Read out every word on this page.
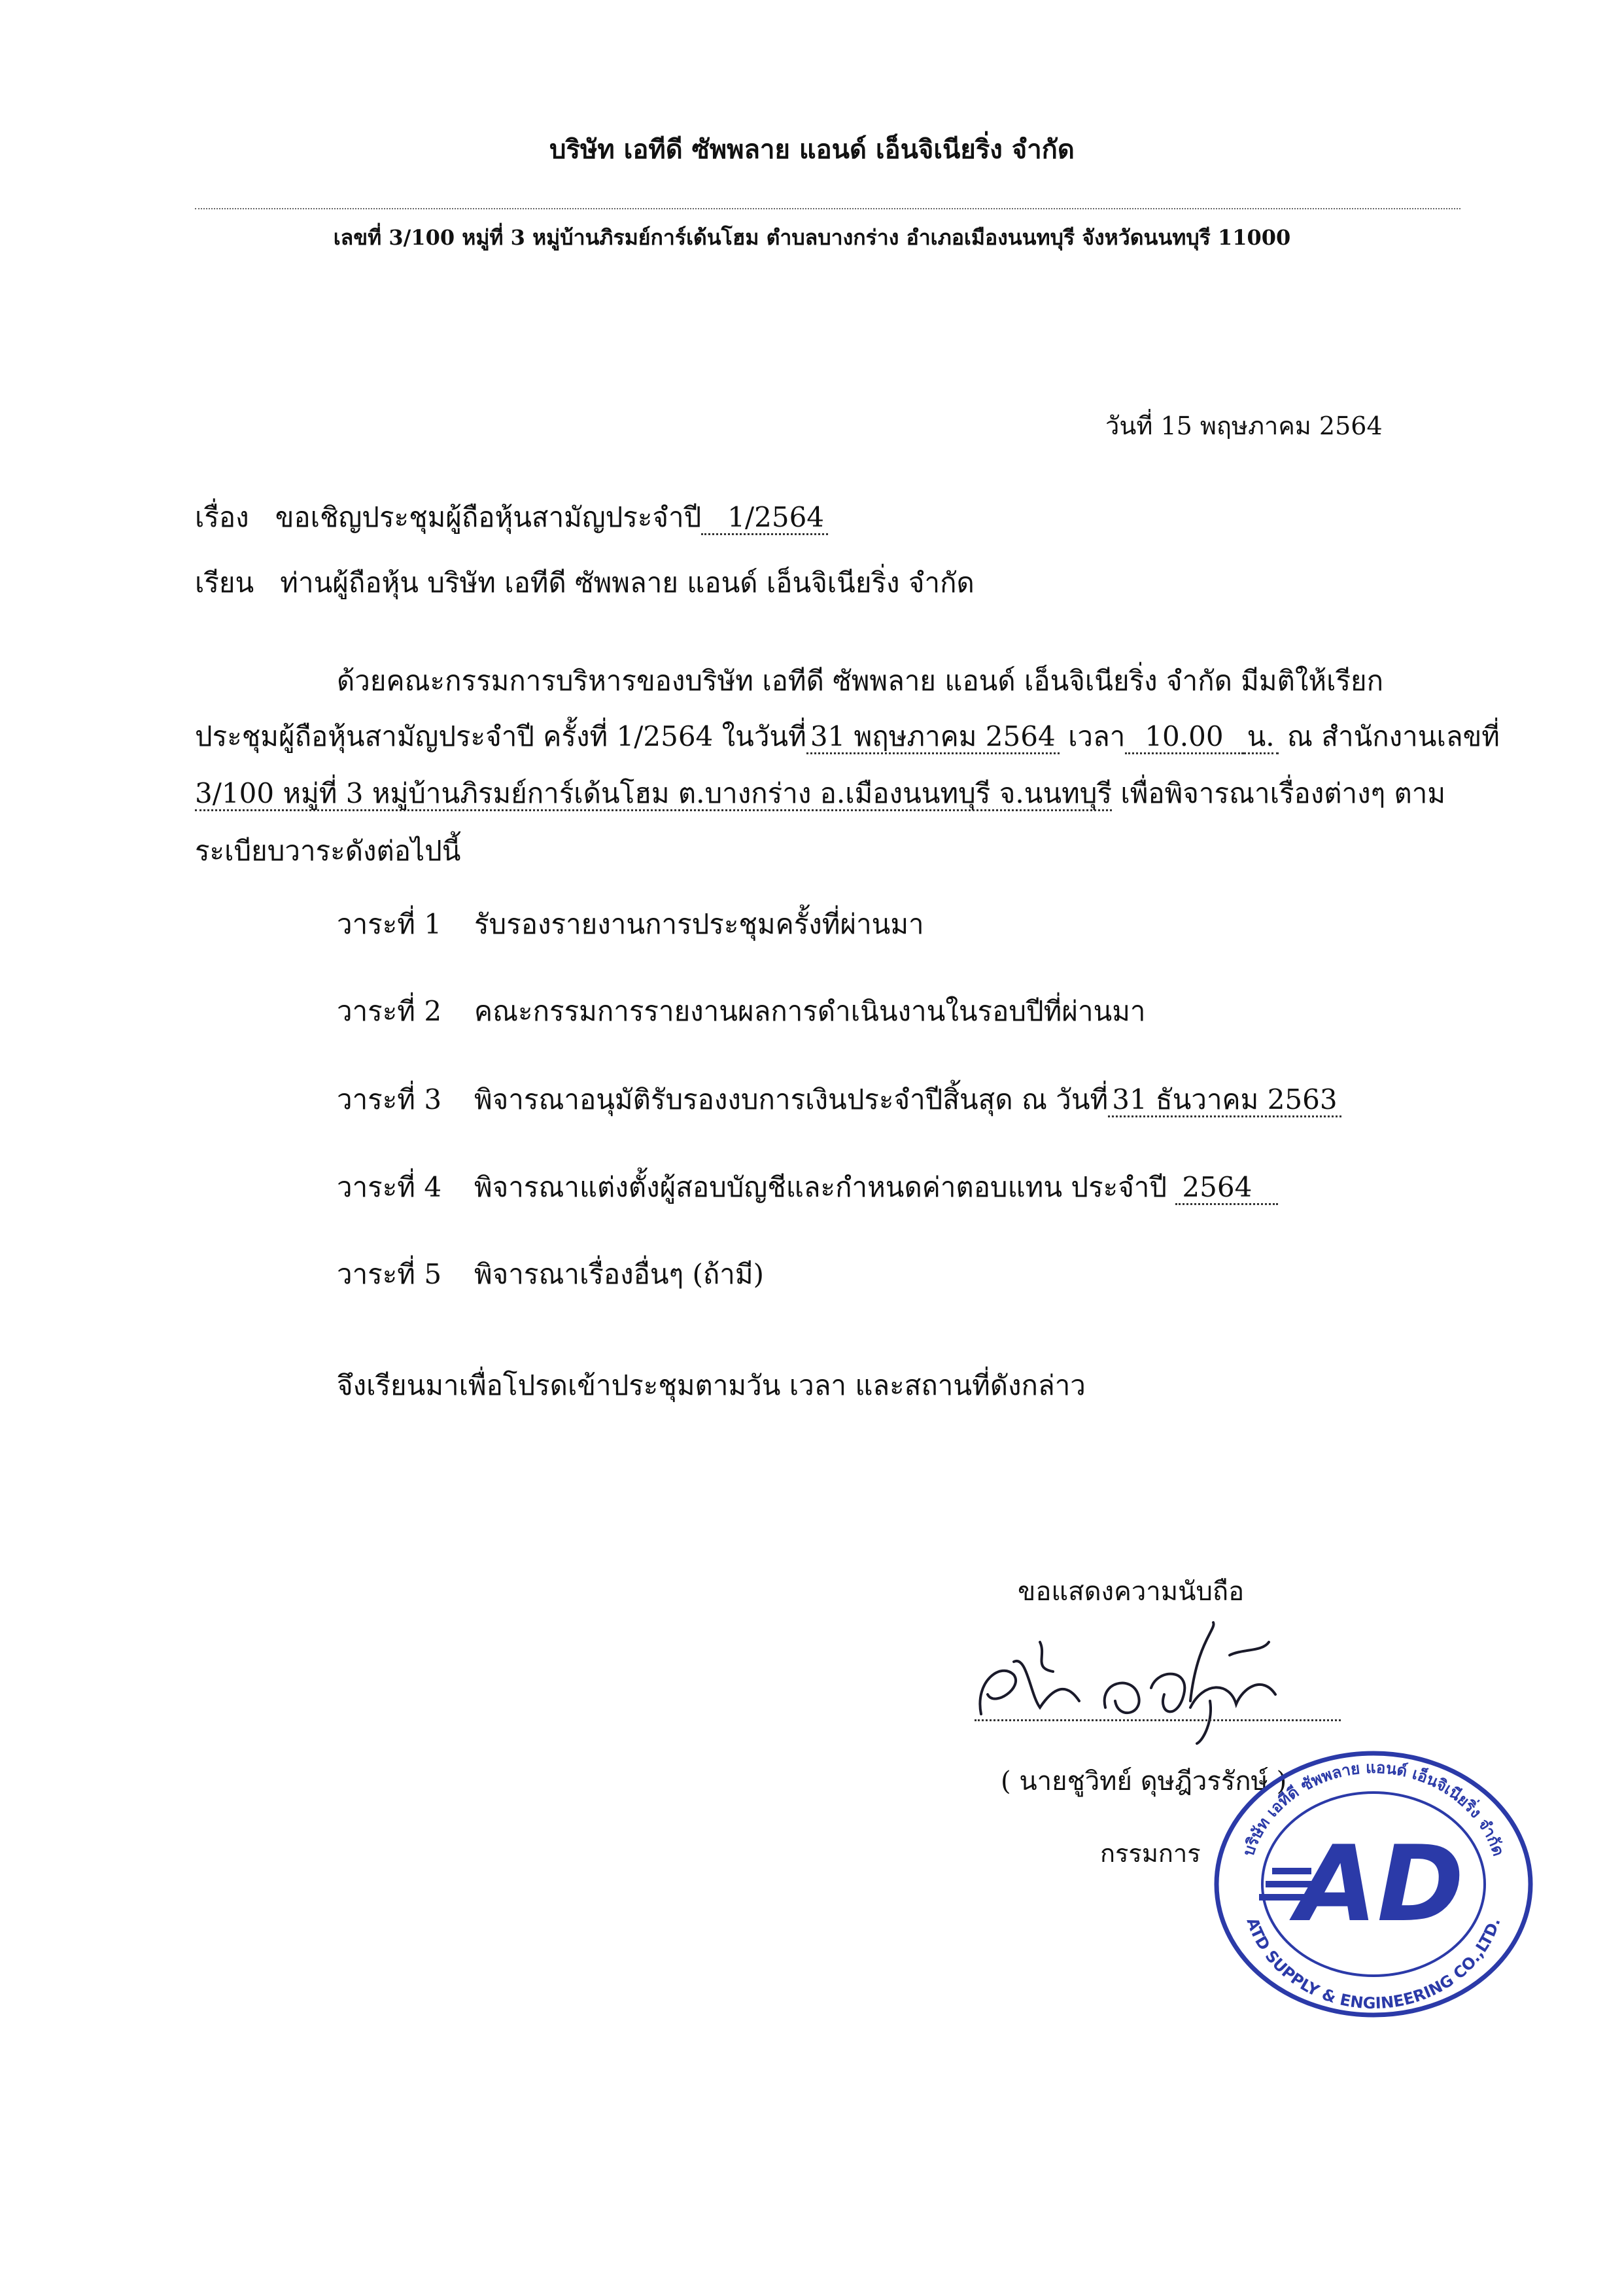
บริษัท เอทีดี ซัพพลาย แอนด์ เอ็นจิเนียริ่ง จำกัด
เลขที่ 3/100 หมู่ที่ 3 หมู่บ้านภิรมย์การ์เด้นโฮม ตำบลบางกร่าง อำเภอเมืองนนทบุรี จังหวัดนนทบุรี 11000
วันที่ 15 พฤษภาคม 2564
เรื่อง ขอเชิญประชุมผู้ถือหุ้นสามัญประจำปี 1/2564
เรียน ท่านผู้ถือหุ้น บริษัท เอทีดี ซัพพลาย แอนด์ เอ็นจิเนียริ่ง จำกัด
ด้วยคณะกรรมการบริหารของบริษัท เอทีดี ซัพพลาย แอนด์ เอ็นจิเนียริ่ง จำกัด มีมติให้เรียก
ประชุมผู้ถือหุ้นสามัญประจำปี ครั้งที่ 1/2564 ในวันที่ 31 พฤษภาคม 2564 เวลา 10.00 น. ณ สำนักงานเลขที่
3/100 หมู่ที่ 3 หมู่บ้านภิรมย์การ์เด้นโฮม ต.บางกร่าง อ.เมืองนนทบุรี จ.นนทบุรี เพื่อพิจารณาเรื่องต่างๆ ตาม
ระเบียบวาระดังต่อไปนี้
วาระที่ 1 รับรองรายงานการประชุมครั้งที่ผ่านมา
วาระที่ 2 คณะกรรมการรายงานผลการดำเนินงานในรอบปีที่ผ่านมา
วาระที่ 3 พิจารณาอนุมัติรับรองงบการเงินประจำปีสิ้นสุด ณ วันที่ 31 ธันวาคม 2563
วาระที่ 4 พิจารณาแต่งตั้งผู้สอบบัญชีและกำหนดค่าตอบแทน ประจำปี 2564
วาระที่ 5 พิจารณาเรื่องอื่นๆ (ถ้ามี)
จึงเรียนมาเพื่อโปรดเข้าประชุมตามวัน เวลา และสถานที่ดังกล่าว
ขอแสดงความนับถือ
( นายชูวิทย์ ดุษฎีวรรักษ์ )
กรรมการ บริษัท เอทีดี ซัพพลาย แอนด์ เอ็นจิเนียริ่ง จำกัด
ATD SUPPLY & ENGINEERING CO.,LTD.
AD
